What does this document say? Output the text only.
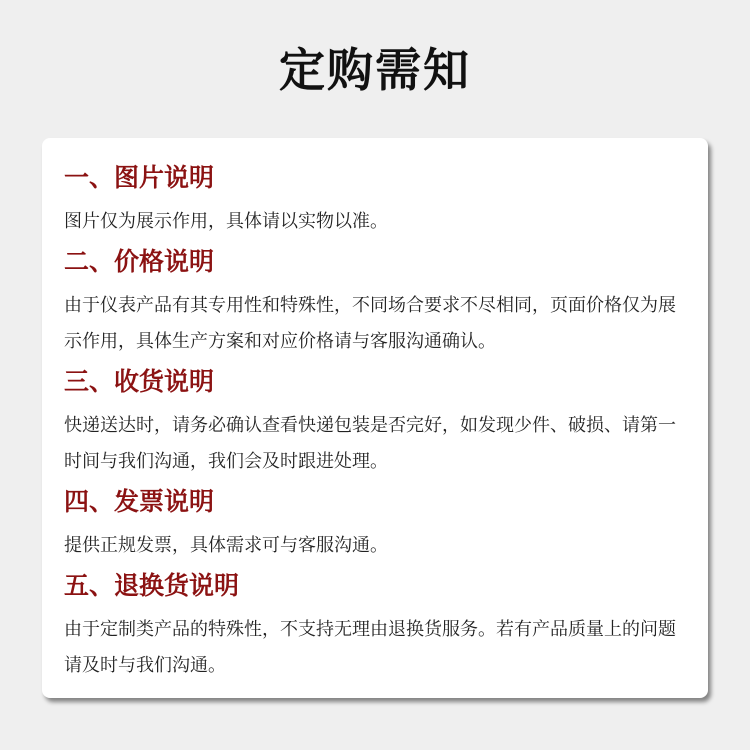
定购需知
一、图片说明
图片仅为展示作用，具体请以实物以准。
二、价格说明
由于仪表产品有其专用性和特殊性，不同场合要求不尽相同，页面价格仅为展示作用，具体生产方案和对应价格请与客服沟通确认。
三、收货说明
快递送达时，请务必确认查看快递包装是否完好，如发现少件、破损、请第一时间与我们沟通，我们会及时跟进处理。
四、发票说明
提供正规发票，具体需求可与客服沟通。
五、退换货说明
由于定制类产品的特殊性，不支持无理由退换货服务。若有产品质量上的问题请及时与我们沟通。
